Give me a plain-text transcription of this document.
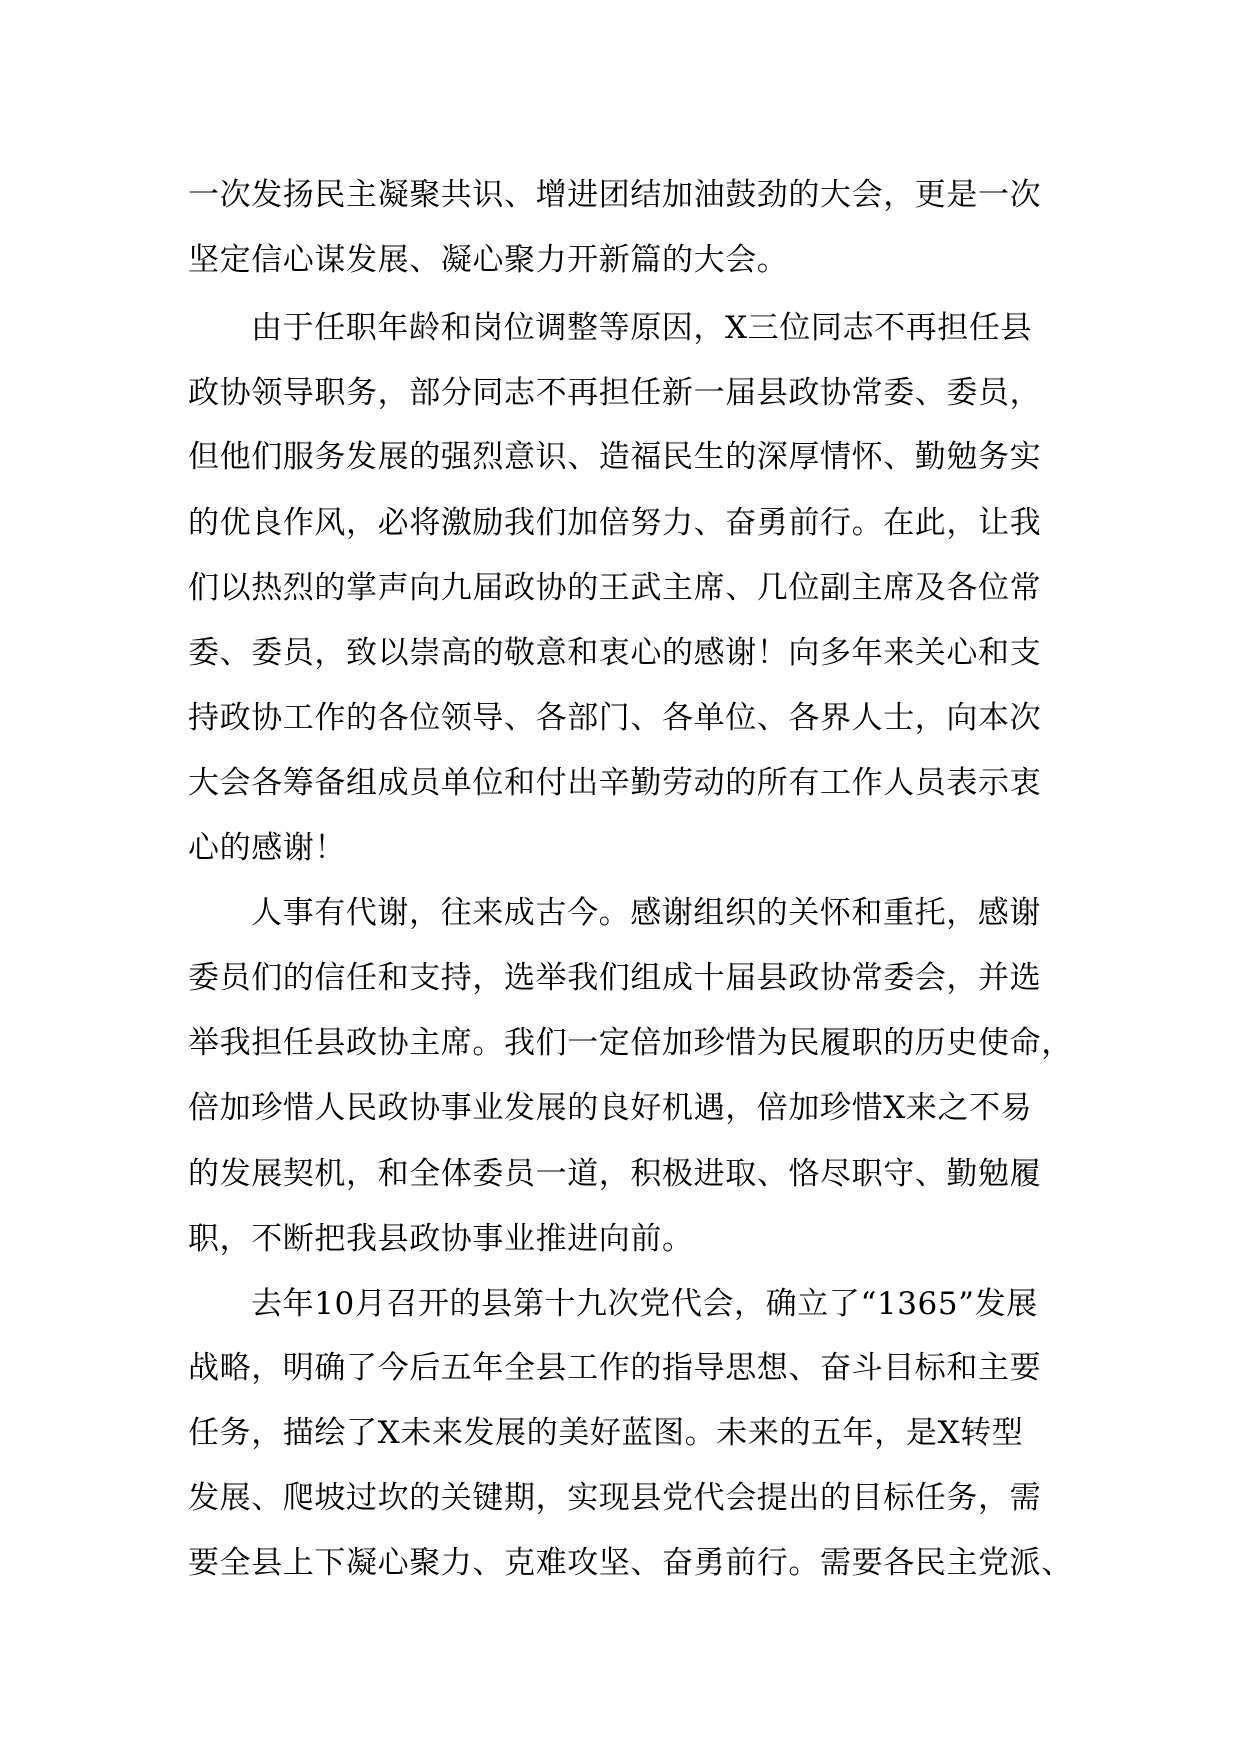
一次发扬民主凝聚共识、增进团结加油鼓劲的大会，更是一次

坚定信心谋发展、凝心聚力开新篇的大会。

由于任职年龄和岗位调整等原因，X三位同志不再担任县

政协领导职务，部分同志不再担任新一届县政协常委、委员，

但他们服务发展的强烈意识、造福民生的深厚情怀、勤勉务实

的优良作风，必将激励我们加倍努力、奋勇前行。在此，让我

们以热烈的掌声向九届政协的王武主席、几位副主席及各位常

委、委员，致以崇高的敬意和衷心的感谢！向多年来关心和支

持政协工作的各位领导、各部门、各单位、各界人士，向本次

大会各筹备组成员单位和付出辛勤劳动的所有工作人员表示衷

心的感谢！

人事有代谢，往来成古今。感谢组织的关怀和重托，感谢

委员们的信任和支持，选举我们组成十届县政协常委会，并选

举我担任县政协主席。我们一定倍加珍惜为民履职的历史使命，

倍加珍惜人民政协事业发展的良好机遇，倍加珍惜X来之不易

的发展契机，和全体委员一道，积极进取、恪尽职守、勤勉履

职，不断把我县政协事业推进向前。

去年10月召开的县第十九次党代会，确立了“1365”发展

战略，明确了今后五年全县工作的指导思想、奋斗目标和主要

任务，描绘了X未来发展的美好蓝图。未来的五年，是X转型

发展、爬坡过坎的关键期，实现县党代会提出的目标任务，需

要全县上下凝心聚力、克难攻坚、奋勇前行。需要各民主党派、
